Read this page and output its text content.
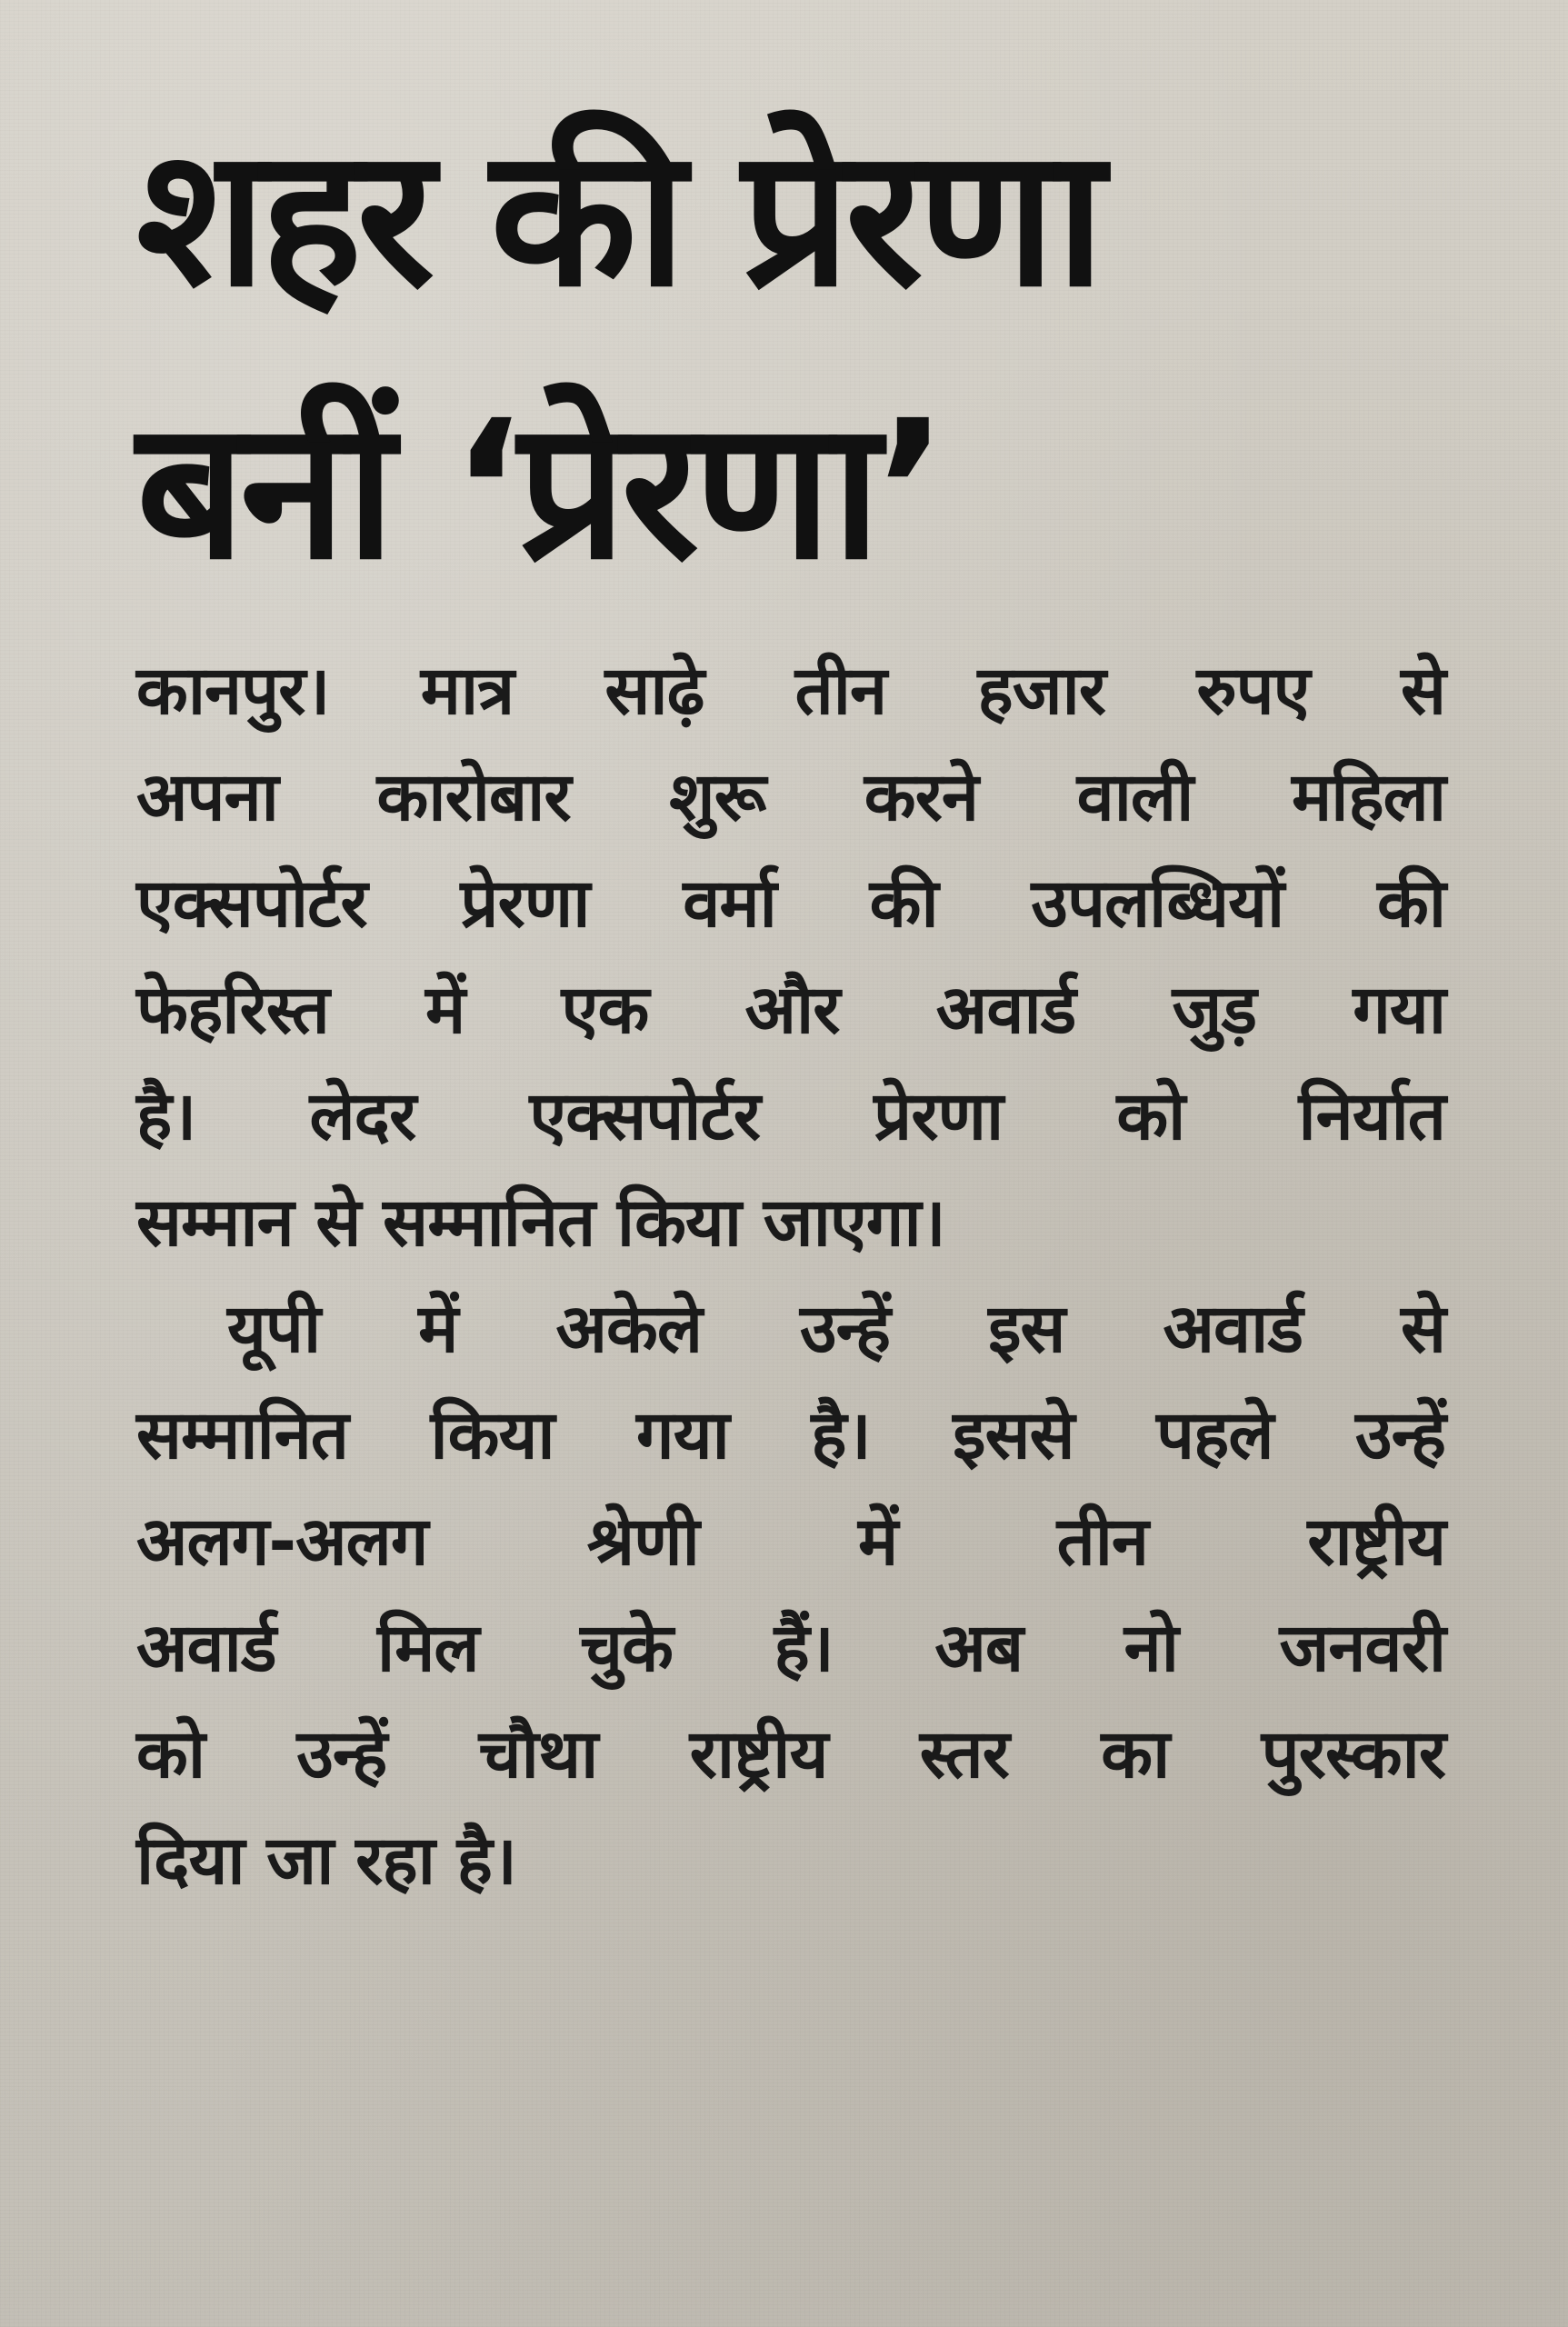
शहर की प्रेरणा
बनीं ‘प्रेरणा’

कानपुर। मात्र साढ़े तीन हजार रुपए से
अपना कारोबार शुरू करने वाली महिला
एक्सपोर्टर प्रेरणा वर्मा की उपलब्धियों की
फेहरिस्त में एक और अवार्ड जुड़ गया
है। लेदर एक्सपोर्टर प्रेरणा को निर्यात
सम्मान से सम्मानित किया जाएगा।

यूपी में अकेले उन्हें इस अवार्ड से
सम्मानित किया गया है। इससे पहले उन्हें
अलग-अलग श्रेणी में तीन राष्ट्रीय
अवार्ड मिल चुके हैं। अब नो जनवरी
को उन्हें चौथा राष्ट्रीय स्तर का पुरस्कार
दिया जा रहा है।
